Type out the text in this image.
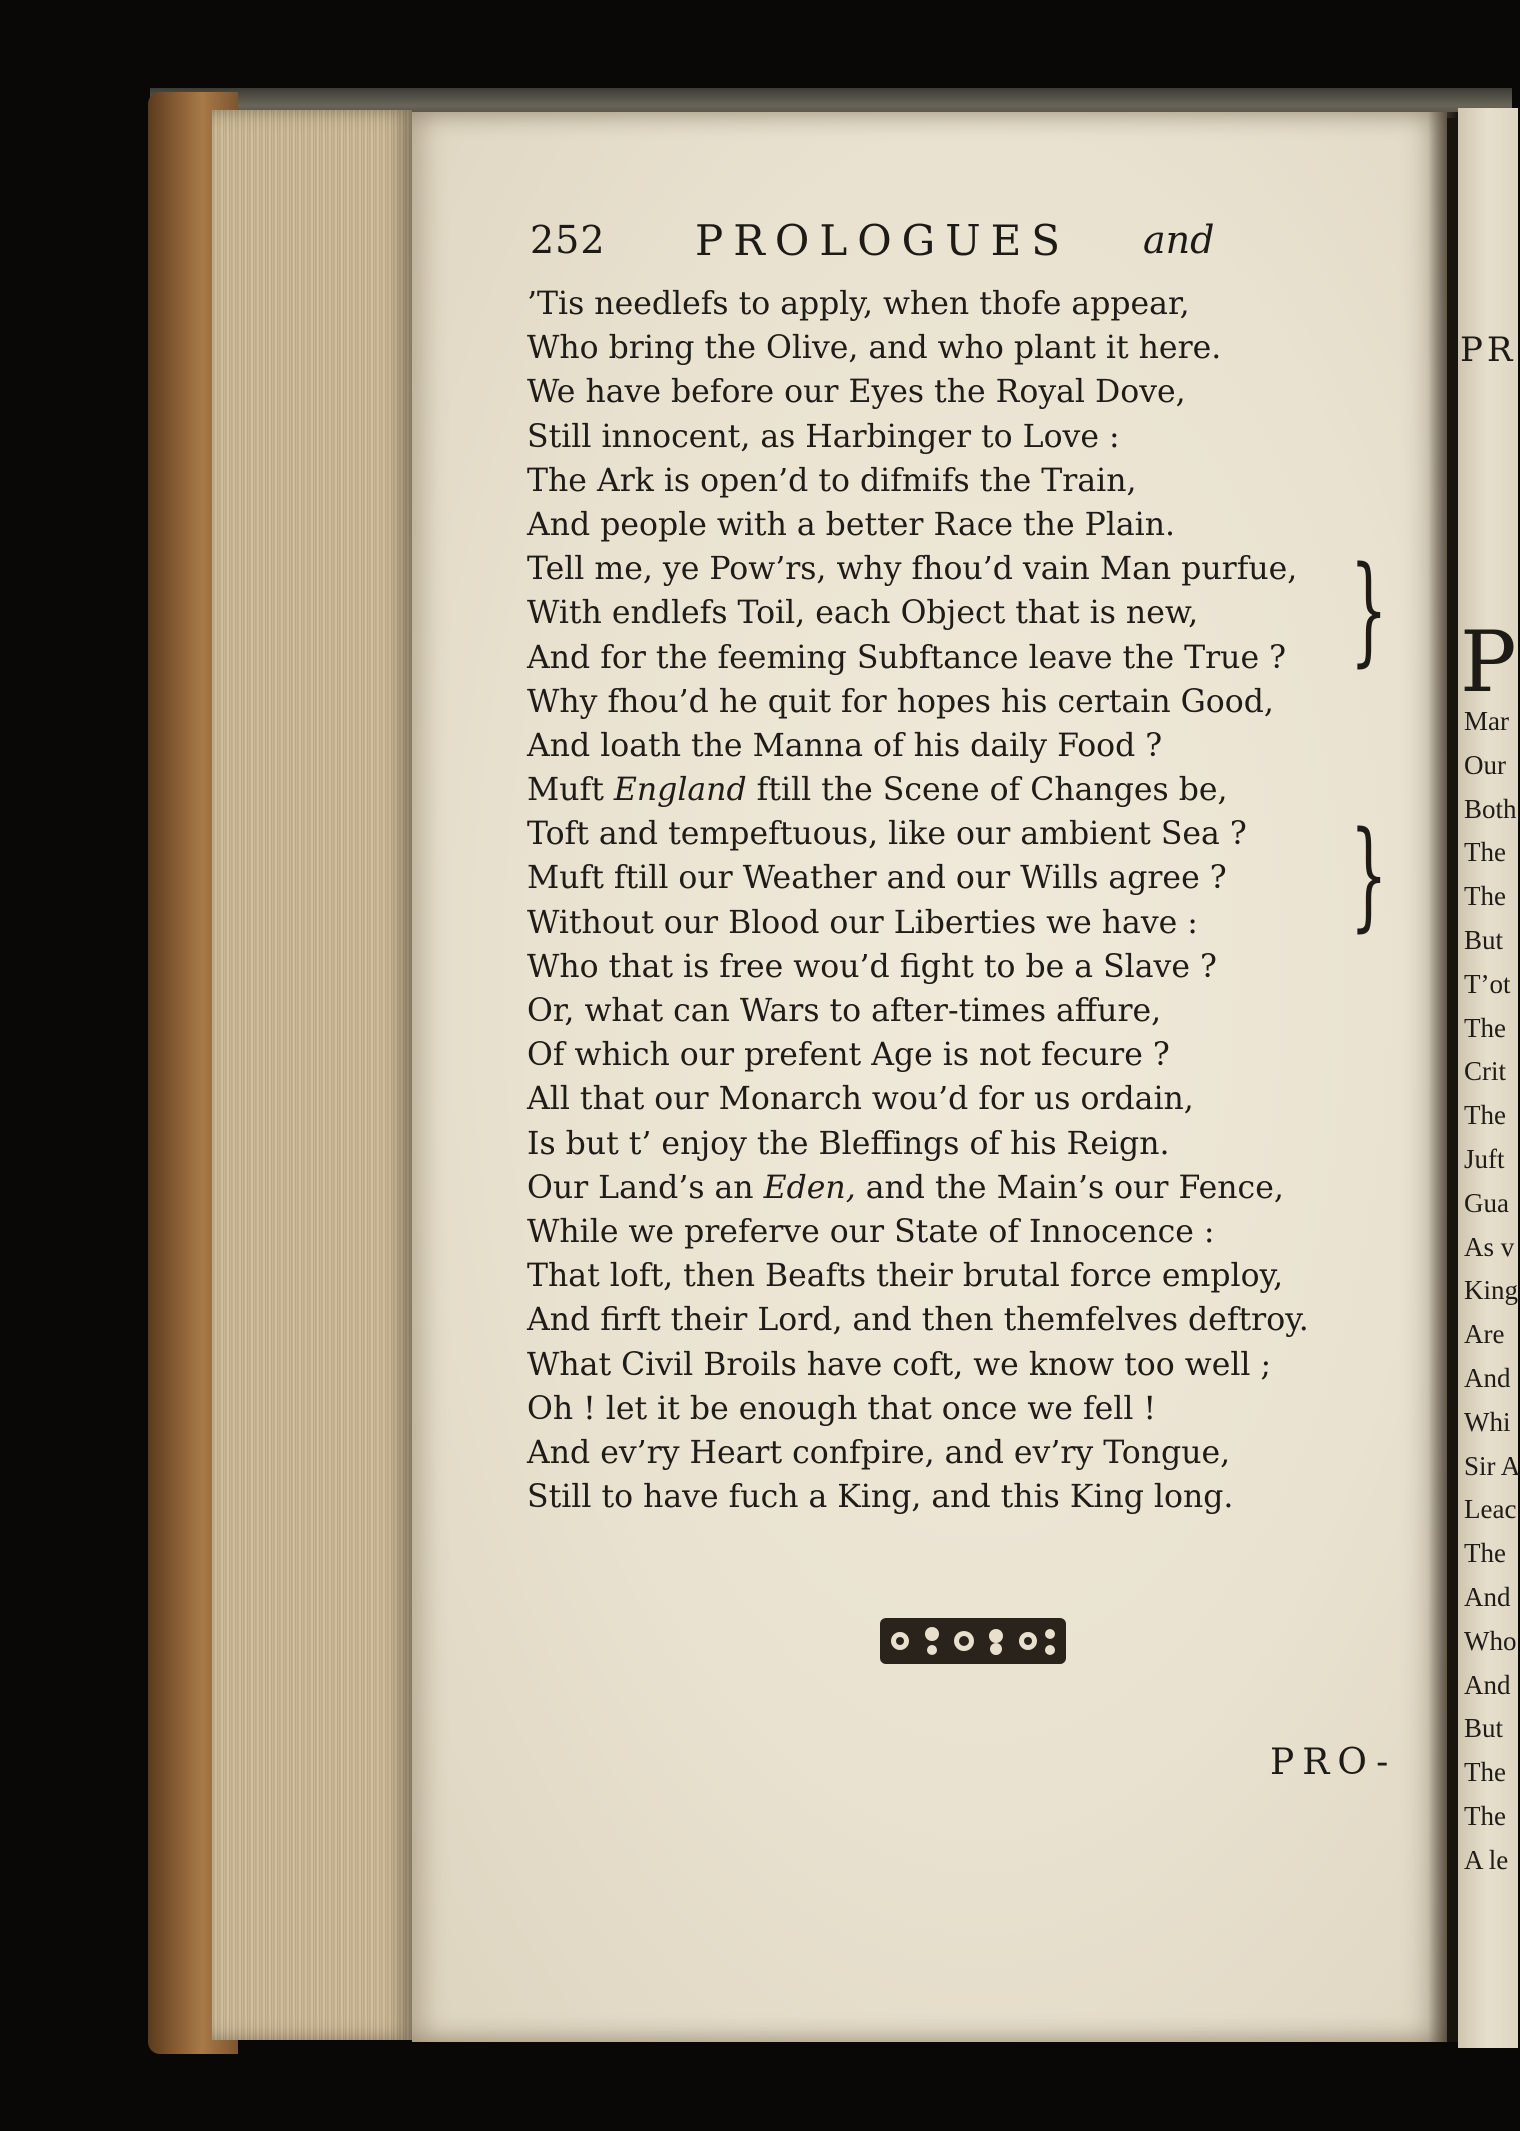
PR
P
Mar
Our
Both
The
The
But
T’ot
The
Crit
The
Juft
Gua
As v
King
Are
And
Whi
Sir A
Leac
The
And
Who
And
But
The
The
A le
252 PROLOGUES and
’Tis needlefs to apply, when thofe appear,
Who bring the Olive, and who plant it here.
We have before our Eyes the Royal Dove,
Still innocent, as Harbinger to Love :
The Ark is open’d to difmifs the Train,
And people with a better Race the Plain.
Tell me, ye Pow’rs, why fhou’d vain Man purfue,
With endlefs Toil, each Object that is new,
And for the feeming Subftance leave the True ?
Why fhou’d he quit for hopes his certain Good,
And loath the Manna of his daily Food ?
Muft England ftill the Scene of Changes be,
Toft and tempeftuous, like our ambient Sea ?
Muft ftill our Weather and our Wills agree ?
Without our Blood our Liberties we have :
Who that is free wou’d fight to be a Slave ?
Or, what can Wars to after-times affure,
Of which our prefent Age is not fecure ?
All that our Monarch wou’d for us ordain,
Is but t’ enjoy the Bleffings of his Reign.
Our Land’s an Eden, and the Main’s our Fence,
While we preferve our State of Innocence :
That loft, then Beafts their brutal force employ,
And firft their Lord, and then themfelves deftroy.
What Civil Broils have coft, we know too well ;
Oh ! let it be enough that once we fell !
And ev’ry Heart confpire, and ev’ry Tongue,
Still to have fuch a King, and this King long.
}
}
PRO-
